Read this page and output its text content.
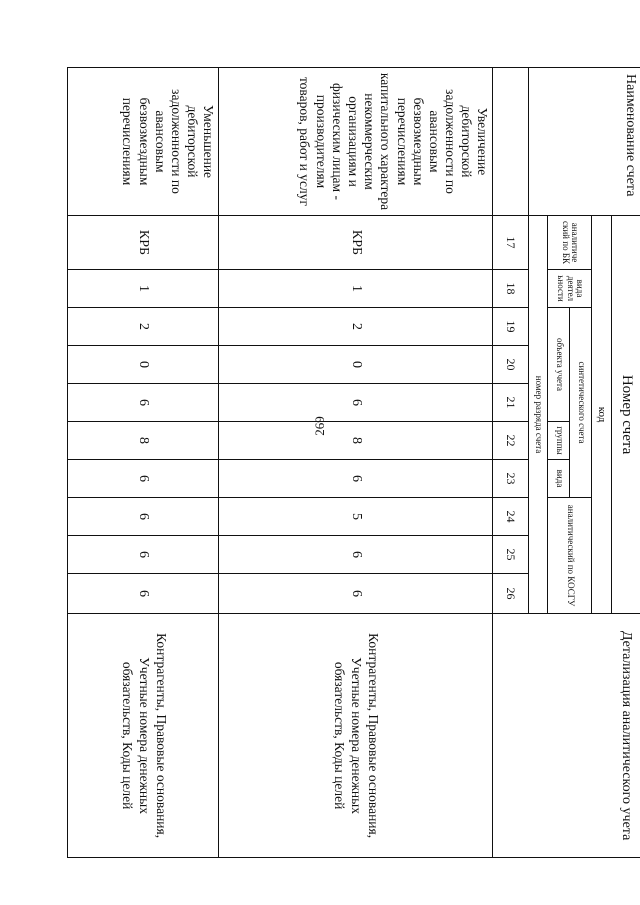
269
Наименование счета	Номер счета										Детализация аналитического учета
	код										
	аналитиче ский по БК	вида деятел ьности	синтетического счета					аналитический по КОСГУ			
			объекта учета			группы	вида				
	номер разряда счета										
	17	18	19	20	21	22	23	24	25	26	
Увеличение дебиторской задолженности по авансовым безвозмездным перечислениям капитального характера некоммерческим организациям и физическим лицам - производителям товаров, работ и услуг	КРБ	1	2	0	6	8	6	5	6	6	Контрагенты, Правовые основания, Учетные номера денежных обязательств, Коды целей
Уменьшение дебиторской задолженности по авансовым безвозмездным перечислениям	КРБ	1	2	0	6	8	6	6	6	6	Контрагенты, Правовые основания, Учетные номера денежных обязательств, Коды целей
